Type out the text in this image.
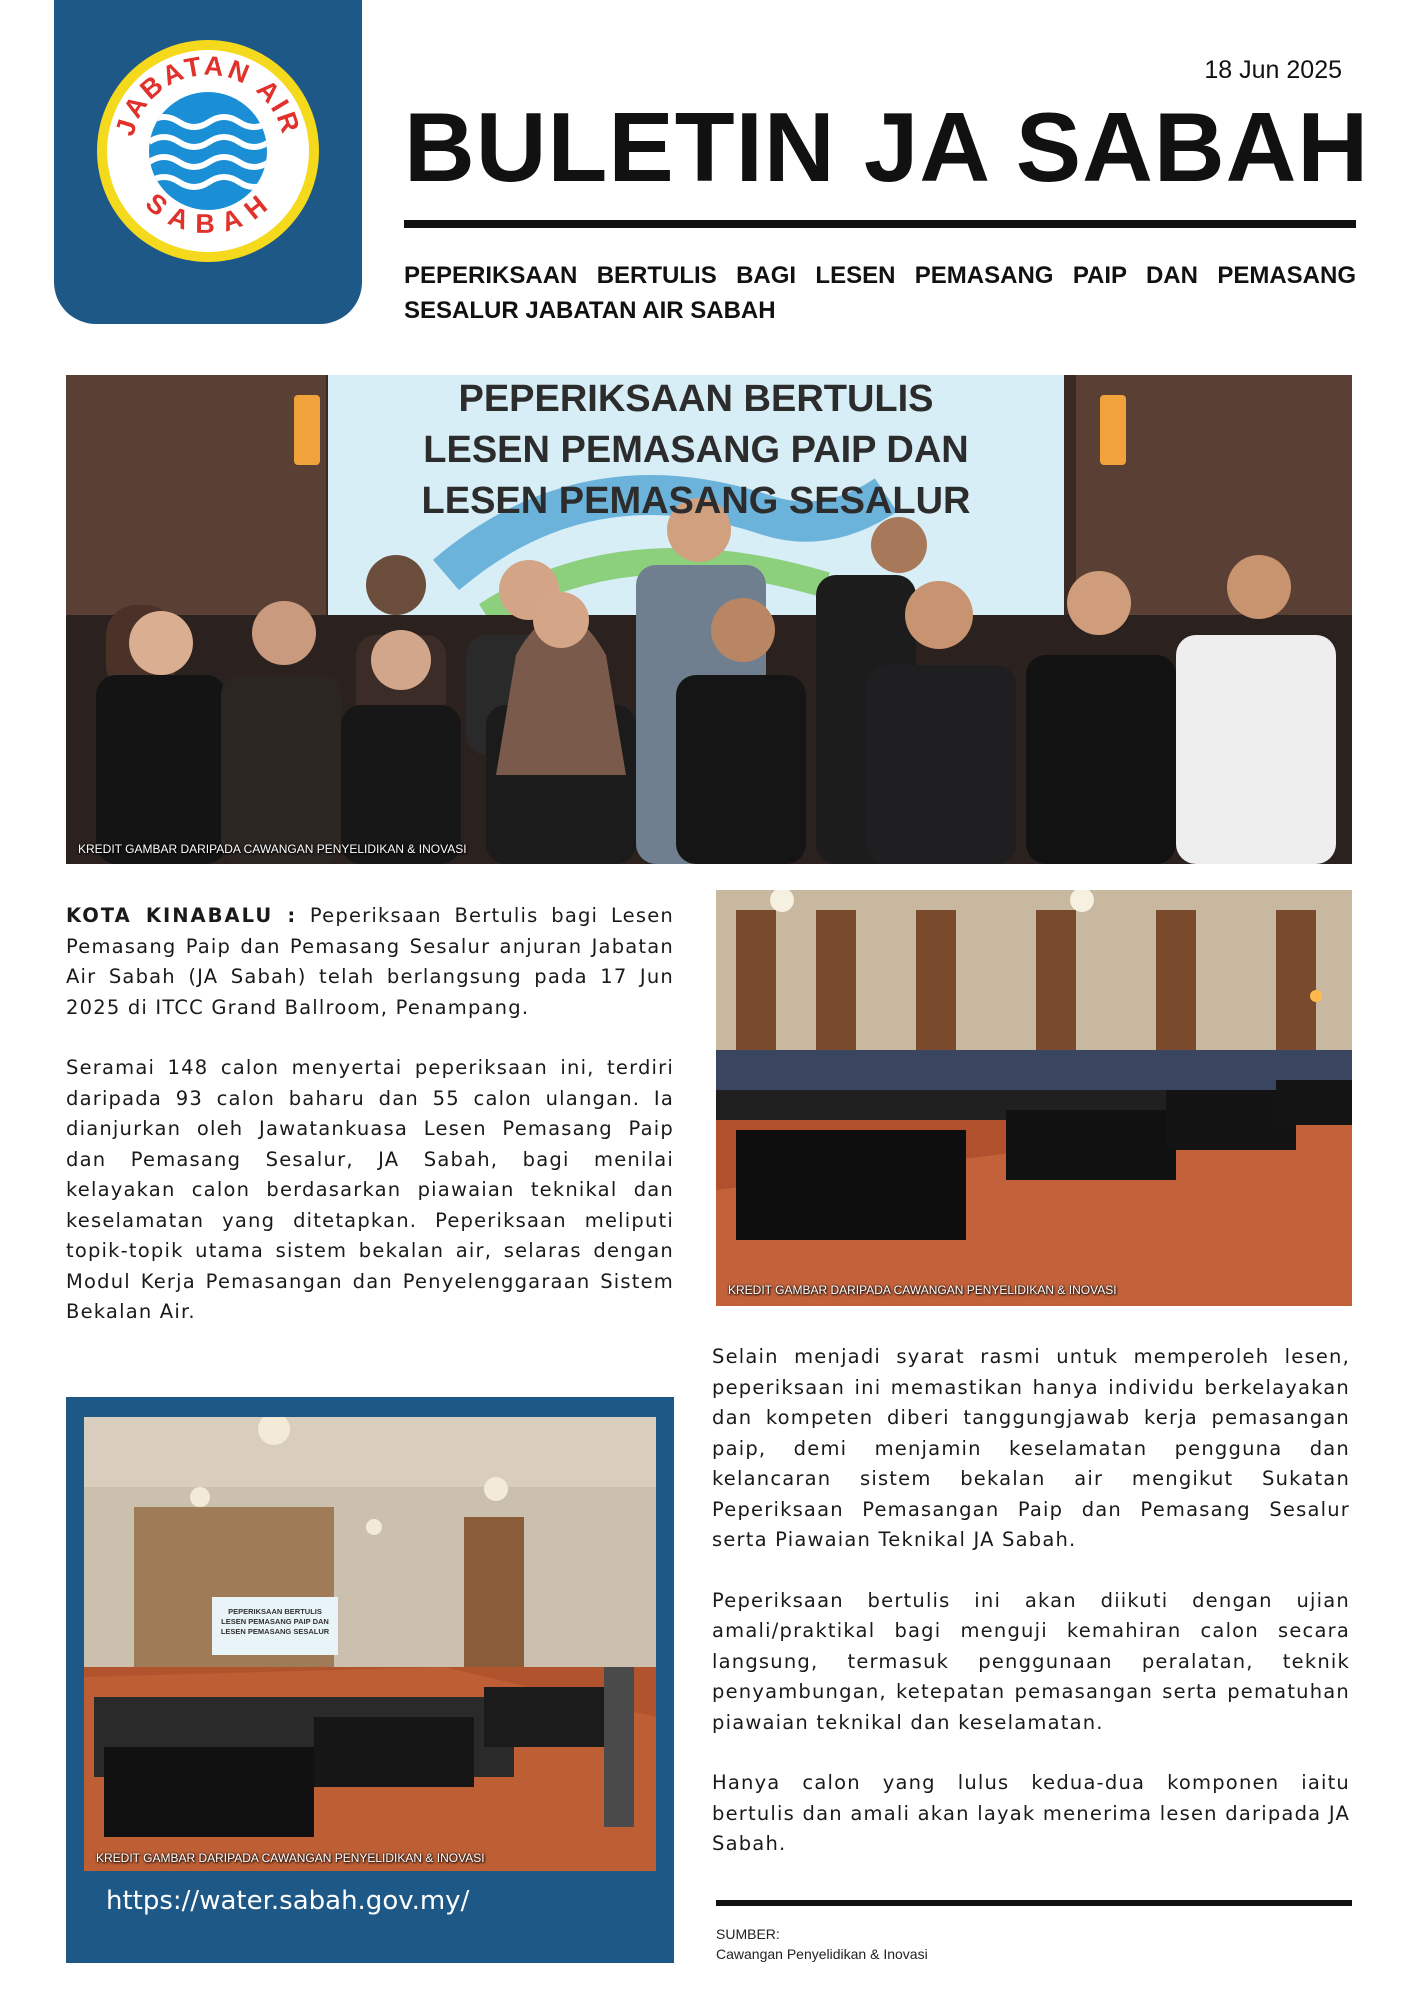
JABATAN AIR
SABAH
18 Jun 2025
BULETIN JA SABAH
PEPERIKSAAN BERTULIS BAGI LESEN PEMASANG PAIP DAN PEMASANG SESALUR JABATAN AIR SABAH
PEPERIKSAAN BERTULIS
LESEN PEMASANG PAIP DAN
LESEN PEMASANG SESALUR
KREDIT GAMBAR DARIPADA CAWANGAN PENYELIDIKAN & INOVASI

KOTA KINABALU : Peperiksaan Bertulis bagi Lesen Pemasang Paip dan Pemasang Sesalur anjuran Jabatan Air Sabah (JA Sabah) telah berlangsung pada 17 Jun 2025 di ITCC Grand Ballroom, Penampang.

Seramai 148 calon menyertai peperiksaan ini, terdiri daripada 93 calon baharu dan 55 calon ulangan. Ia dianjurkan oleh Jawatankuasa Lesen Pemasang Paip dan Pemasang Sesalur, JA Sabah, bagi menilai kelayakan calon berdasarkan piawaian teknikal dan keselamatan yang ditetapkan. Peperiksaan meliputi topik-topik utama sistem bekalan air, selaras dengan Modul Kerja Pemasangan dan Penyelenggaraan Sistem Bekalan Air.

KREDIT GAMBAR DARIPADA CAWANGAN PENYELIDIKAN & INOVASI

Selain menjadi syarat rasmi untuk memperoleh lesen, peperiksaan ini memastikan hanya individu berkelayakan dan kompeten diberi tanggungjawab kerja pemasangan paip, demi menjamin keselamatan pengguna dan kelancaran sistem bekalan air mengikut Sukatan Peperiksaan Pemasangan Paip dan Pemasang Sesalur serta Piawaian Teknikal JA Sabah.

Peperiksaan bertulis ini akan diikuti dengan ujian amali/praktikal bagi menguji kemahiran calon secara langsung, termasuk penggunaan peralatan, teknik penyambungan, ketepatan pemasangan serta pematuhan piawaian teknikal dan keselamatan.

Hanya calon yang lulus kedua-dua komponen iaitu bertulis dan amali akan layak menerima lesen daripada JA Sabah.

PEPERIKSAAN BERTULIS
LESEN PEMASANG PAIP DAN
LESEN PEMASANG SESALUR
KREDIT GAMBAR DARIPADA CAWANGAN PENYELIDIKAN & INOVASI
https://water.sabah.gov.my/
SUMBER:
Cawangan Penyelidikan & Inovasi
